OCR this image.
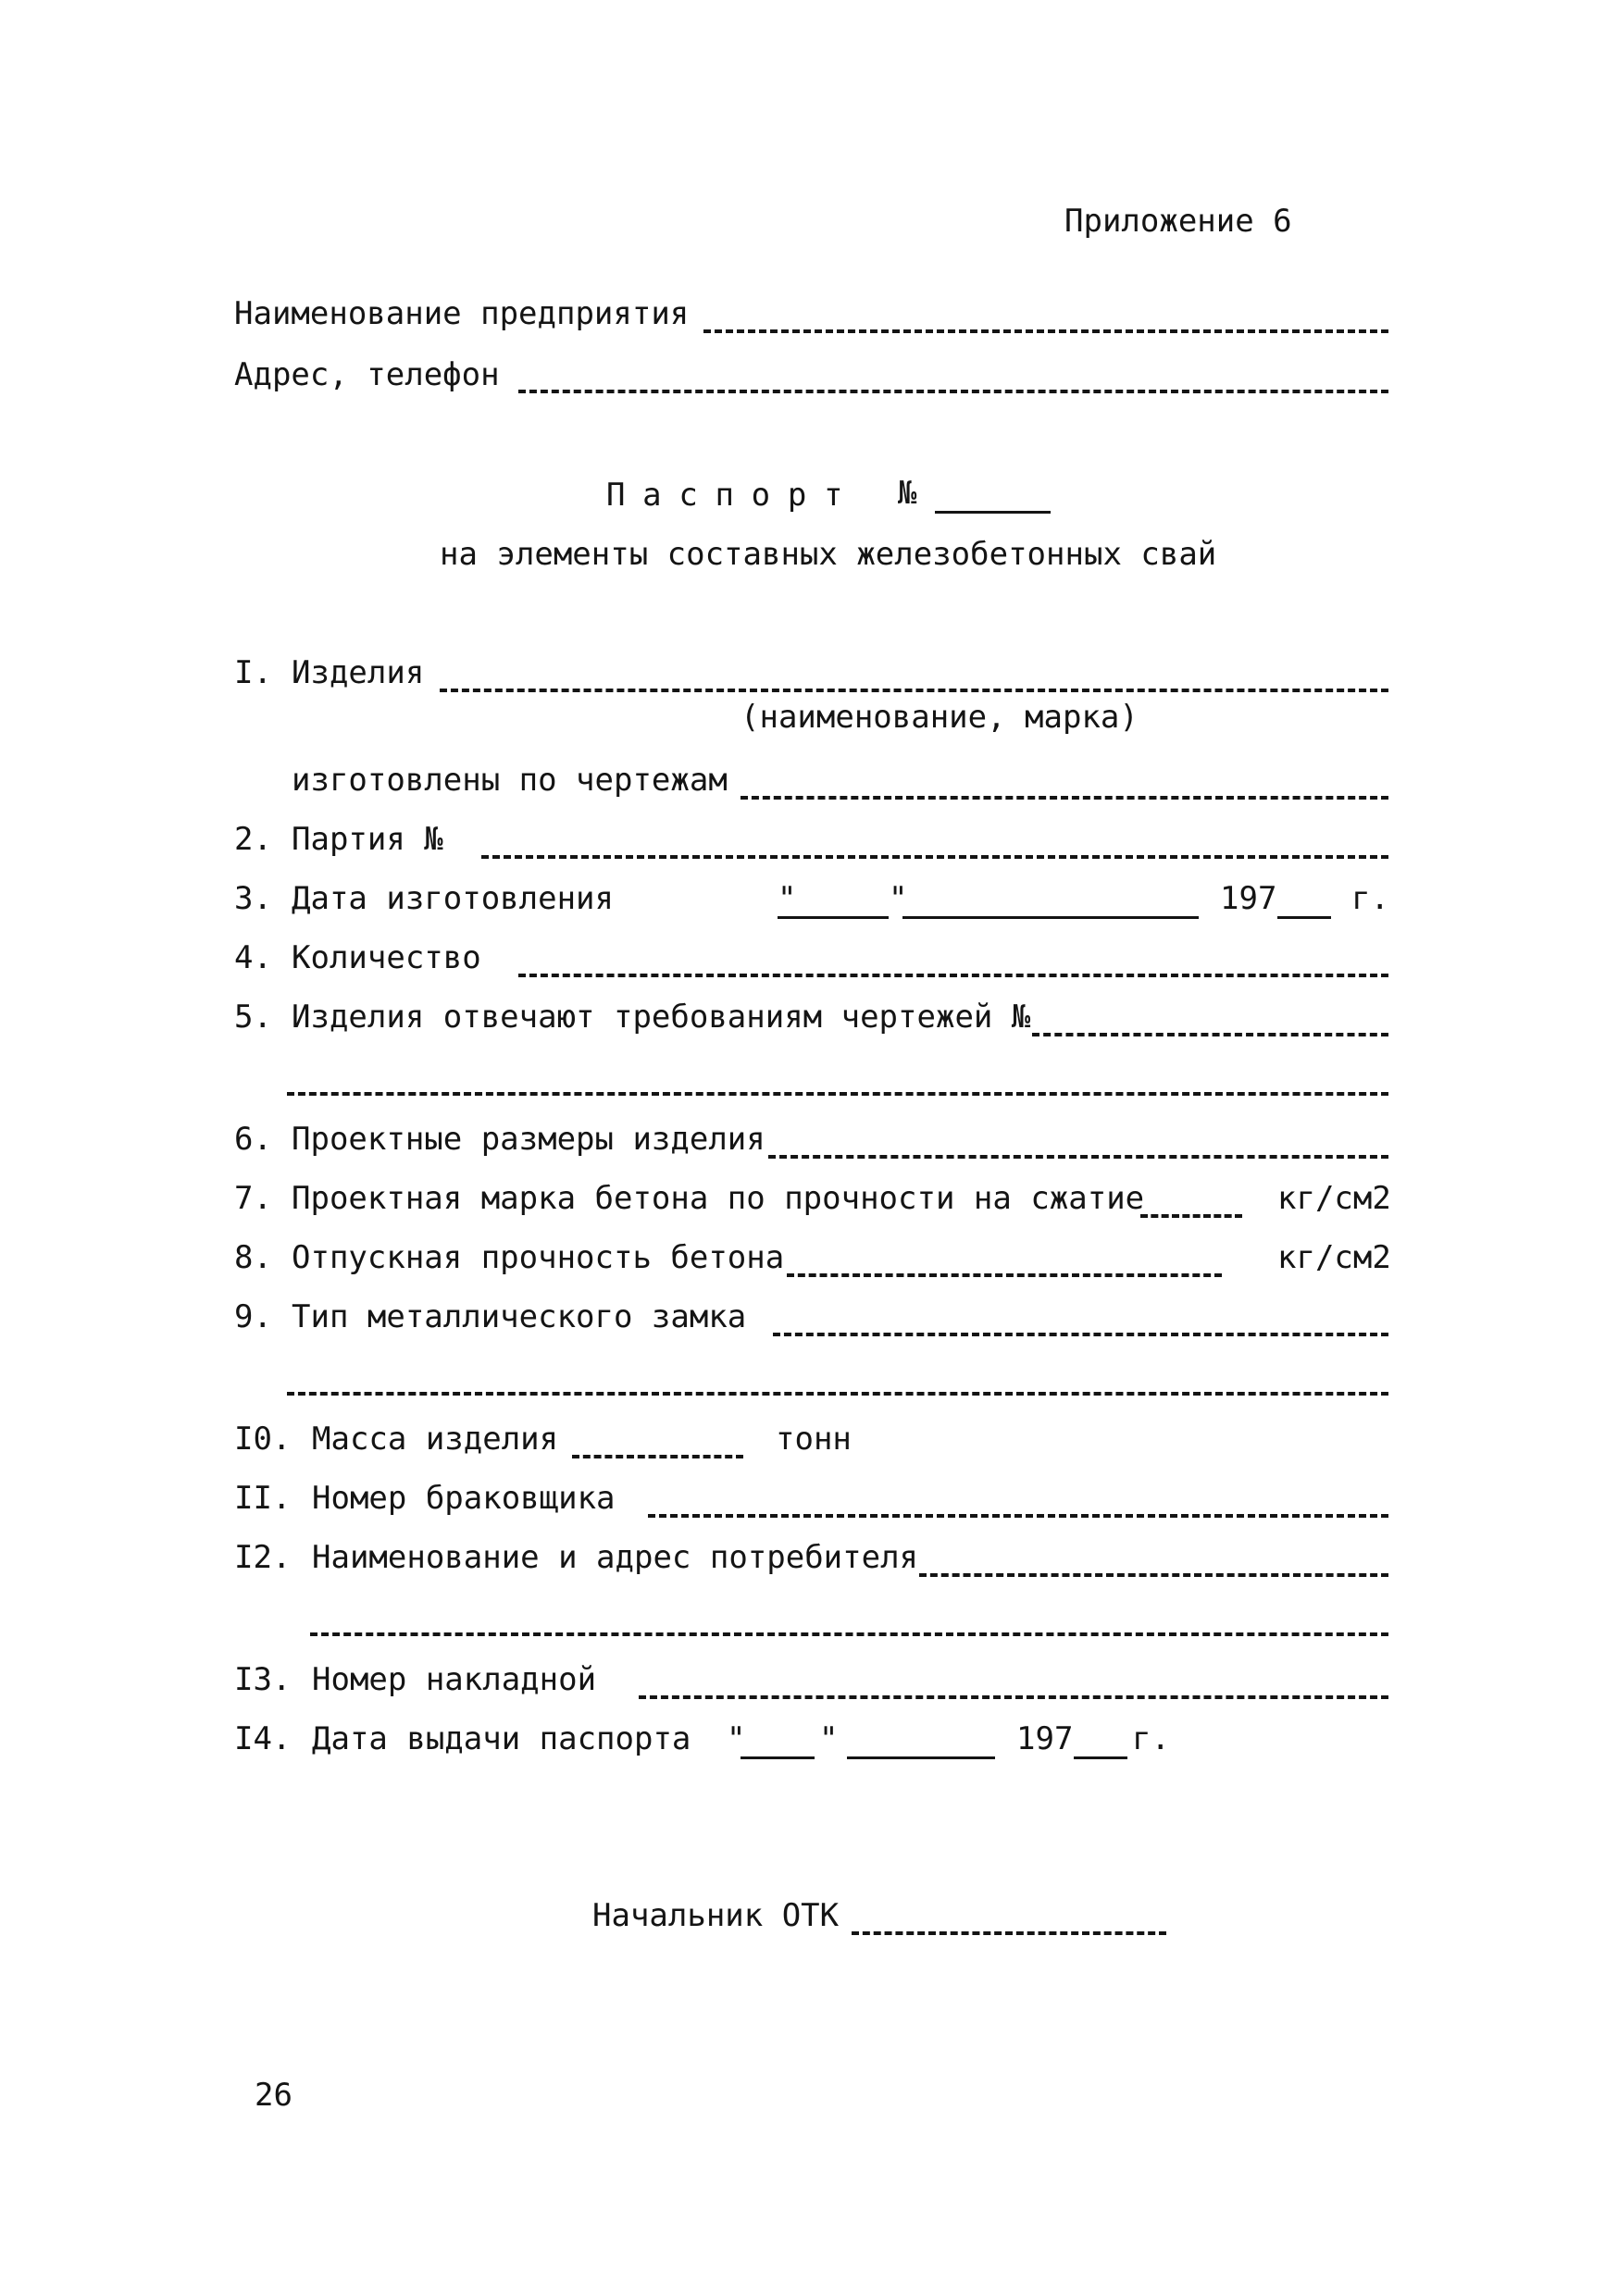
Приложение 6
Наименование предприятия
Адрес, телефон
Паспорт №
на элементы составных железобетонных свай
I. Изделия
(наименование, марка)
изготовлены по чертежам
2. Партия №
3. Дата изготовления	"	"	197 г.
4. Количество
5. Изделия отвечают требованиям чертежей №
6. Проектные размеры изделия
7. Проектная марка бетона по прочности на сжатие	кг/см2
8. Отпускная прочность бетона	кг/см2
9. Тип металлического замка
I0. Масса изделия	тонн
II. Номер браковщика
I2. Наименование и адрес потребителя
I3. Номер накладной
I4. Дата выдачи паспорта " "	197 г.
Начальник ОТК
26
